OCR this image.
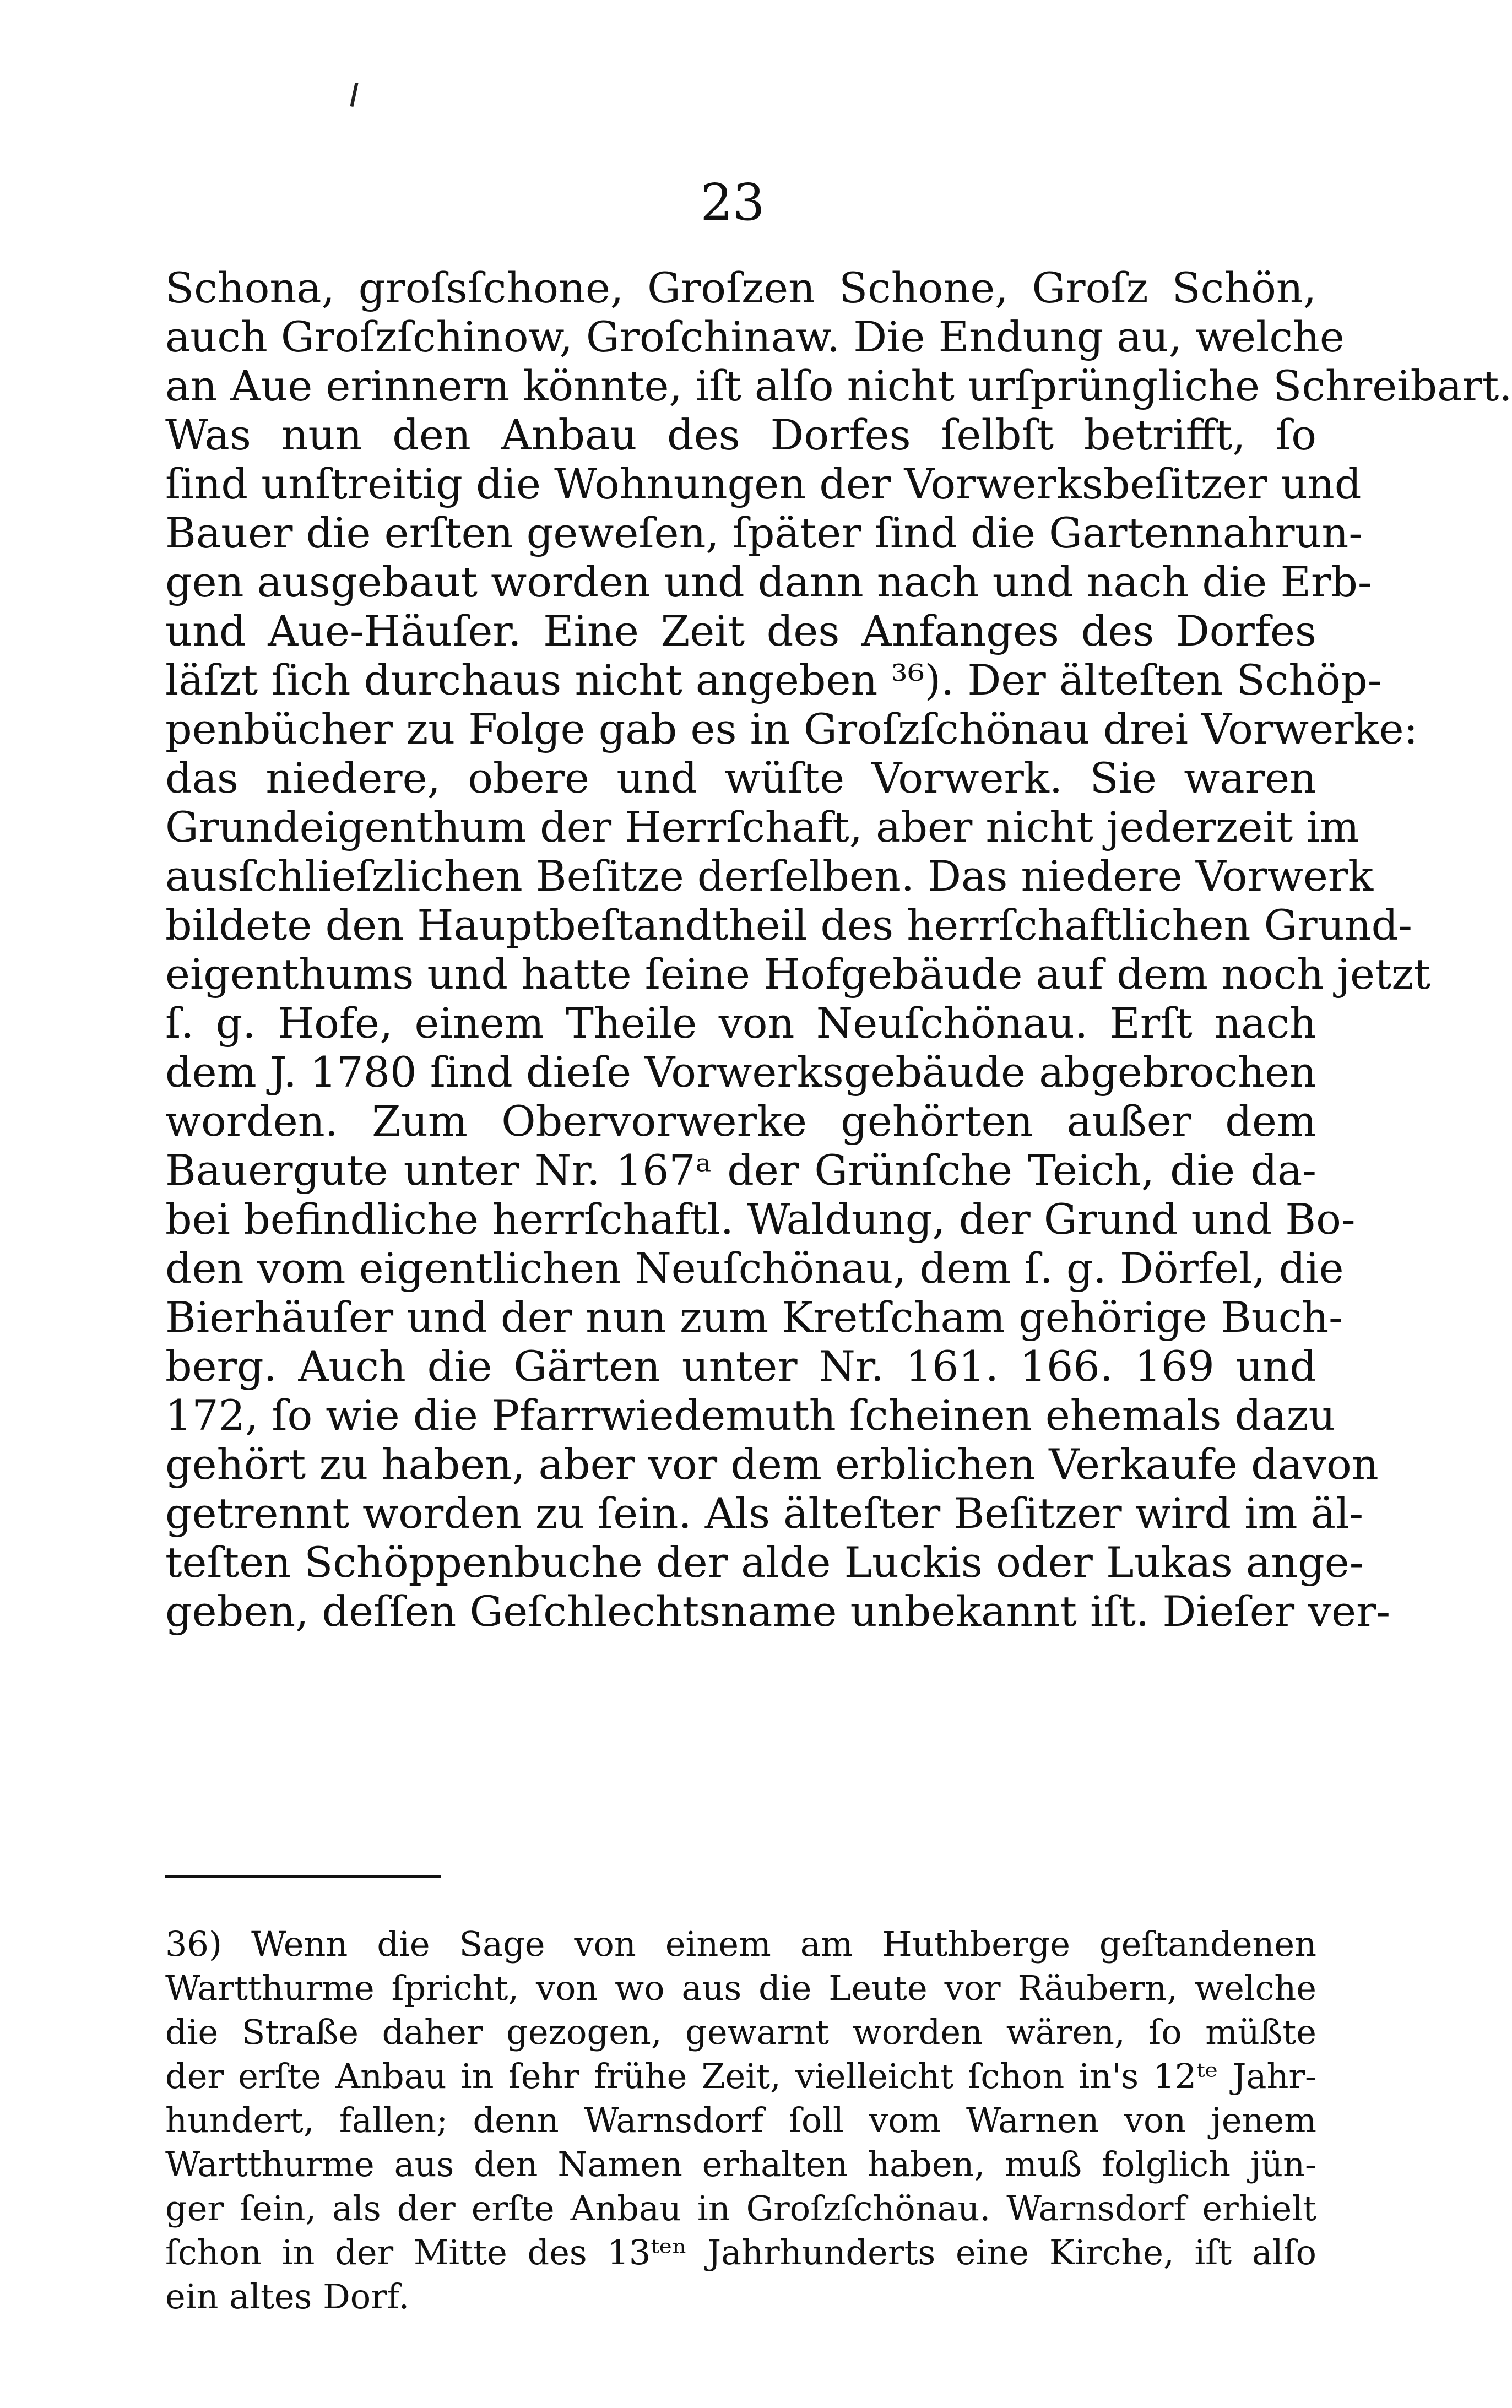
23
Schona, groſsſchone, Groſzen Schone, Groſz Schön,
auch Groſzſchinow, Groſchinaw. Die Endung au, welche
an Aue erinnern könnte, iſt alſo nicht urſprüngliche Schreibart.
Was nun den Anbau des Dorfes ſelbſt betrifft, ſo
ſind unſtreitig die Wohnungen der Vorwerksbeſitzer und
Bauer die erſten geweſen, ſpäter ſind die Gartennahrun-
gen ausgebaut worden und dann nach und nach die Erb-
und Aue-Häuſer. Eine Zeit des Anfanges des Dorfes
läſzt ſich durchaus nicht angeben ³⁶). Der älteſten Schöp-
penbücher zu Folge gab es in Groſzſchönau drei Vorwerke:
das niedere, obere und wüſte Vorwerk. Sie waren
Grundeigenthum der Herrſchaft, aber nicht jederzeit im
ausſchlieſzlichen Beſitze derſelben. Das niedere Vorwerk
bildete den Hauptbeſtandtheil des herrſchaftlichen Grund-
eigenthums und hatte ſeine Hofgebäude auf dem noch jetzt
ſ. g. Hofe, einem Theile von Neuſchönau. Erſt nach
dem J. 1780 ſind dieſe Vorwerksgebäude abgebrochen
worden. Zum Obervorwerke gehörten außer dem
Bauergute unter Nr. 167ᵃ der Grünſche Teich, die da-
bei befindliche herrſchaftl. Waldung, der Grund und Bo-
den vom eigentlichen Neuſchönau, dem ſ. g. Dörfel, die
Bierhäuſer und der nun zum Kretſcham gehörige Buch-
berg. Auch die Gärten unter Nr. 161. 166. 169 und
172, ſo wie die Pfarrwiedemuth ſcheinen ehemals dazu
gehört zu haben, aber vor dem erblichen Verkaufe davon
getrennt worden zu ſein. Als älteſter Beſitzer wird im äl-
teſten Schöppenbuche der alde Luckis oder Lukas ange-
geben, deſſen Geſchlechtsname unbekannt iſt. Dieſer ver-
36) Wenn die Sage von einem am Huthberge geſtandenen
Wartthurme ſpricht, von wo aus die Leute vor Räubern, welche
die Straße daher gezogen, gewarnt worden wären, ſo müßte
der erſte Anbau in ſehr frühe Zeit, vielleicht ſchon in's 12ᵗᵉ Jahr-
hundert, fallen; denn Warnsdorf ſoll vom Warnen von jenem
Wartthurme aus den Namen erhalten haben, muß folglich jün-
ger ſein, als der erſte Anbau in Groſzſchönau. Warnsdorf erhielt
ſchon in der Mitte des 13ᵗᵉⁿ Jahrhunderts eine Kirche, iſt alſo
ein altes Dorf.
